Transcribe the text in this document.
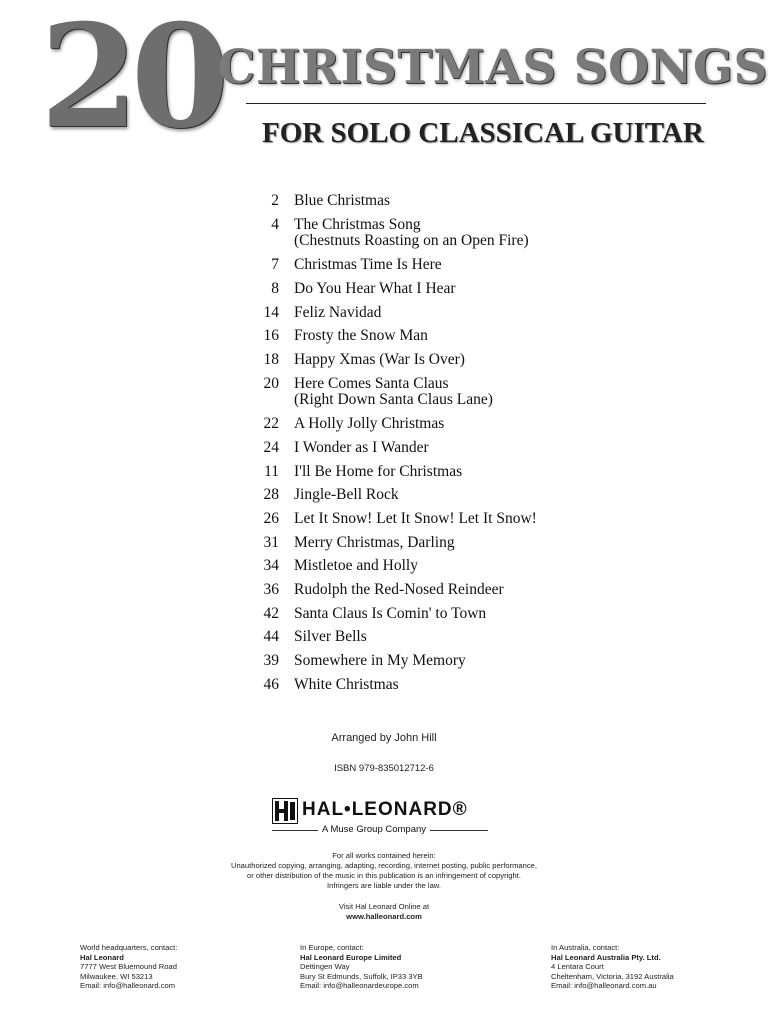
20
CHRISTMAS SONGS
FOR SOLO CLASSICAL GUITAR
2 Blue Christmas
4 The Christmas Song
(Chestnuts Roasting on an Open Fire)
7 Christmas Time Is Here
8 Do You Hear What I Hear
14 Feliz Navidad
16 Frosty the Snow Man
18 Happy Xmas (War Is Over)
20 Here Comes Santa Claus
(Right Down Santa Claus Lane)
22 A Holly Jolly Christmas
24 I Wonder as I Wander
11 I'll Be Home for Christmas
28 Jingle-Bell Rock
26 Let It Snow! Let It Snow! Let It Snow!
31 Merry Christmas, Darling
34 Mistletoe and Holly
36 Rudolph the Red-Nosed Reindeer
42 Santa Claus Is Comin' to Town
44 Silver Bells
39 Somewhere in My Memory
46 White Christmas
Arranged by John Hill
ISBN 979-835012712-6
HAL•LEONARD®
A Muse Group Company
For all works contained herein:
Unauthorized copying, arranging, adapting, recording, internet posting, public performance,
or other distribution of the music in this publication is an infringement of copyright.
Infringers are liable under the law.
Visit Hal Leonard Online at
www.halleonard.com
World headquarters, contact:
Hal Leonard
7777 West Bluemound Road
Milwaukee, WI 53213
Email: info@halleonard.com
In Europe, contact:
Hal Leonard Europe Limited
Dettingen Way
Bury St Edmunds, Suffolk, IP33 3YB
Email: info@halleonardeurope.com
In Australia, contact:
Hal Leonard Australia Pty. Ltd.
4 Lentara Court
Cheltenham, Victoria, 3192 Australia
Email: info@halleonard.com.au
